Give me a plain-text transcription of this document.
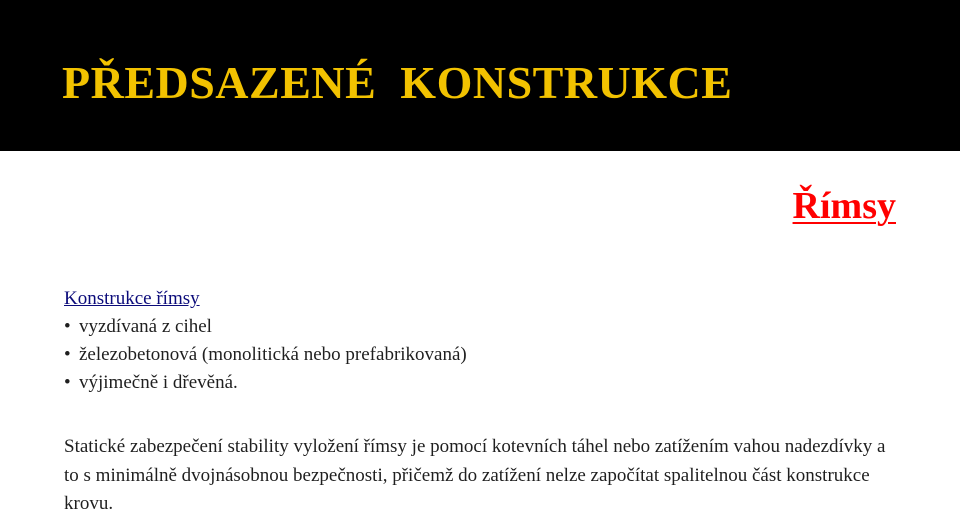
PŘEDSAZENÉ  KONSTRUKCE
Římsy
Konstrukce římsy
• vyzdívaná z cihel
• železobetonová (monolitická nebo prefabrikovaná)
• výjimečně i dřevěná.

Statické zabezpečení stability vyložení římsy je pomocí kotevních táhel nebo zatížením vahou nadezdívky a to s minimálně dvojnásobnou bezpečnosti, přičemž do zatížení nelze započítat spalitelnou část konstrukce krovu.
